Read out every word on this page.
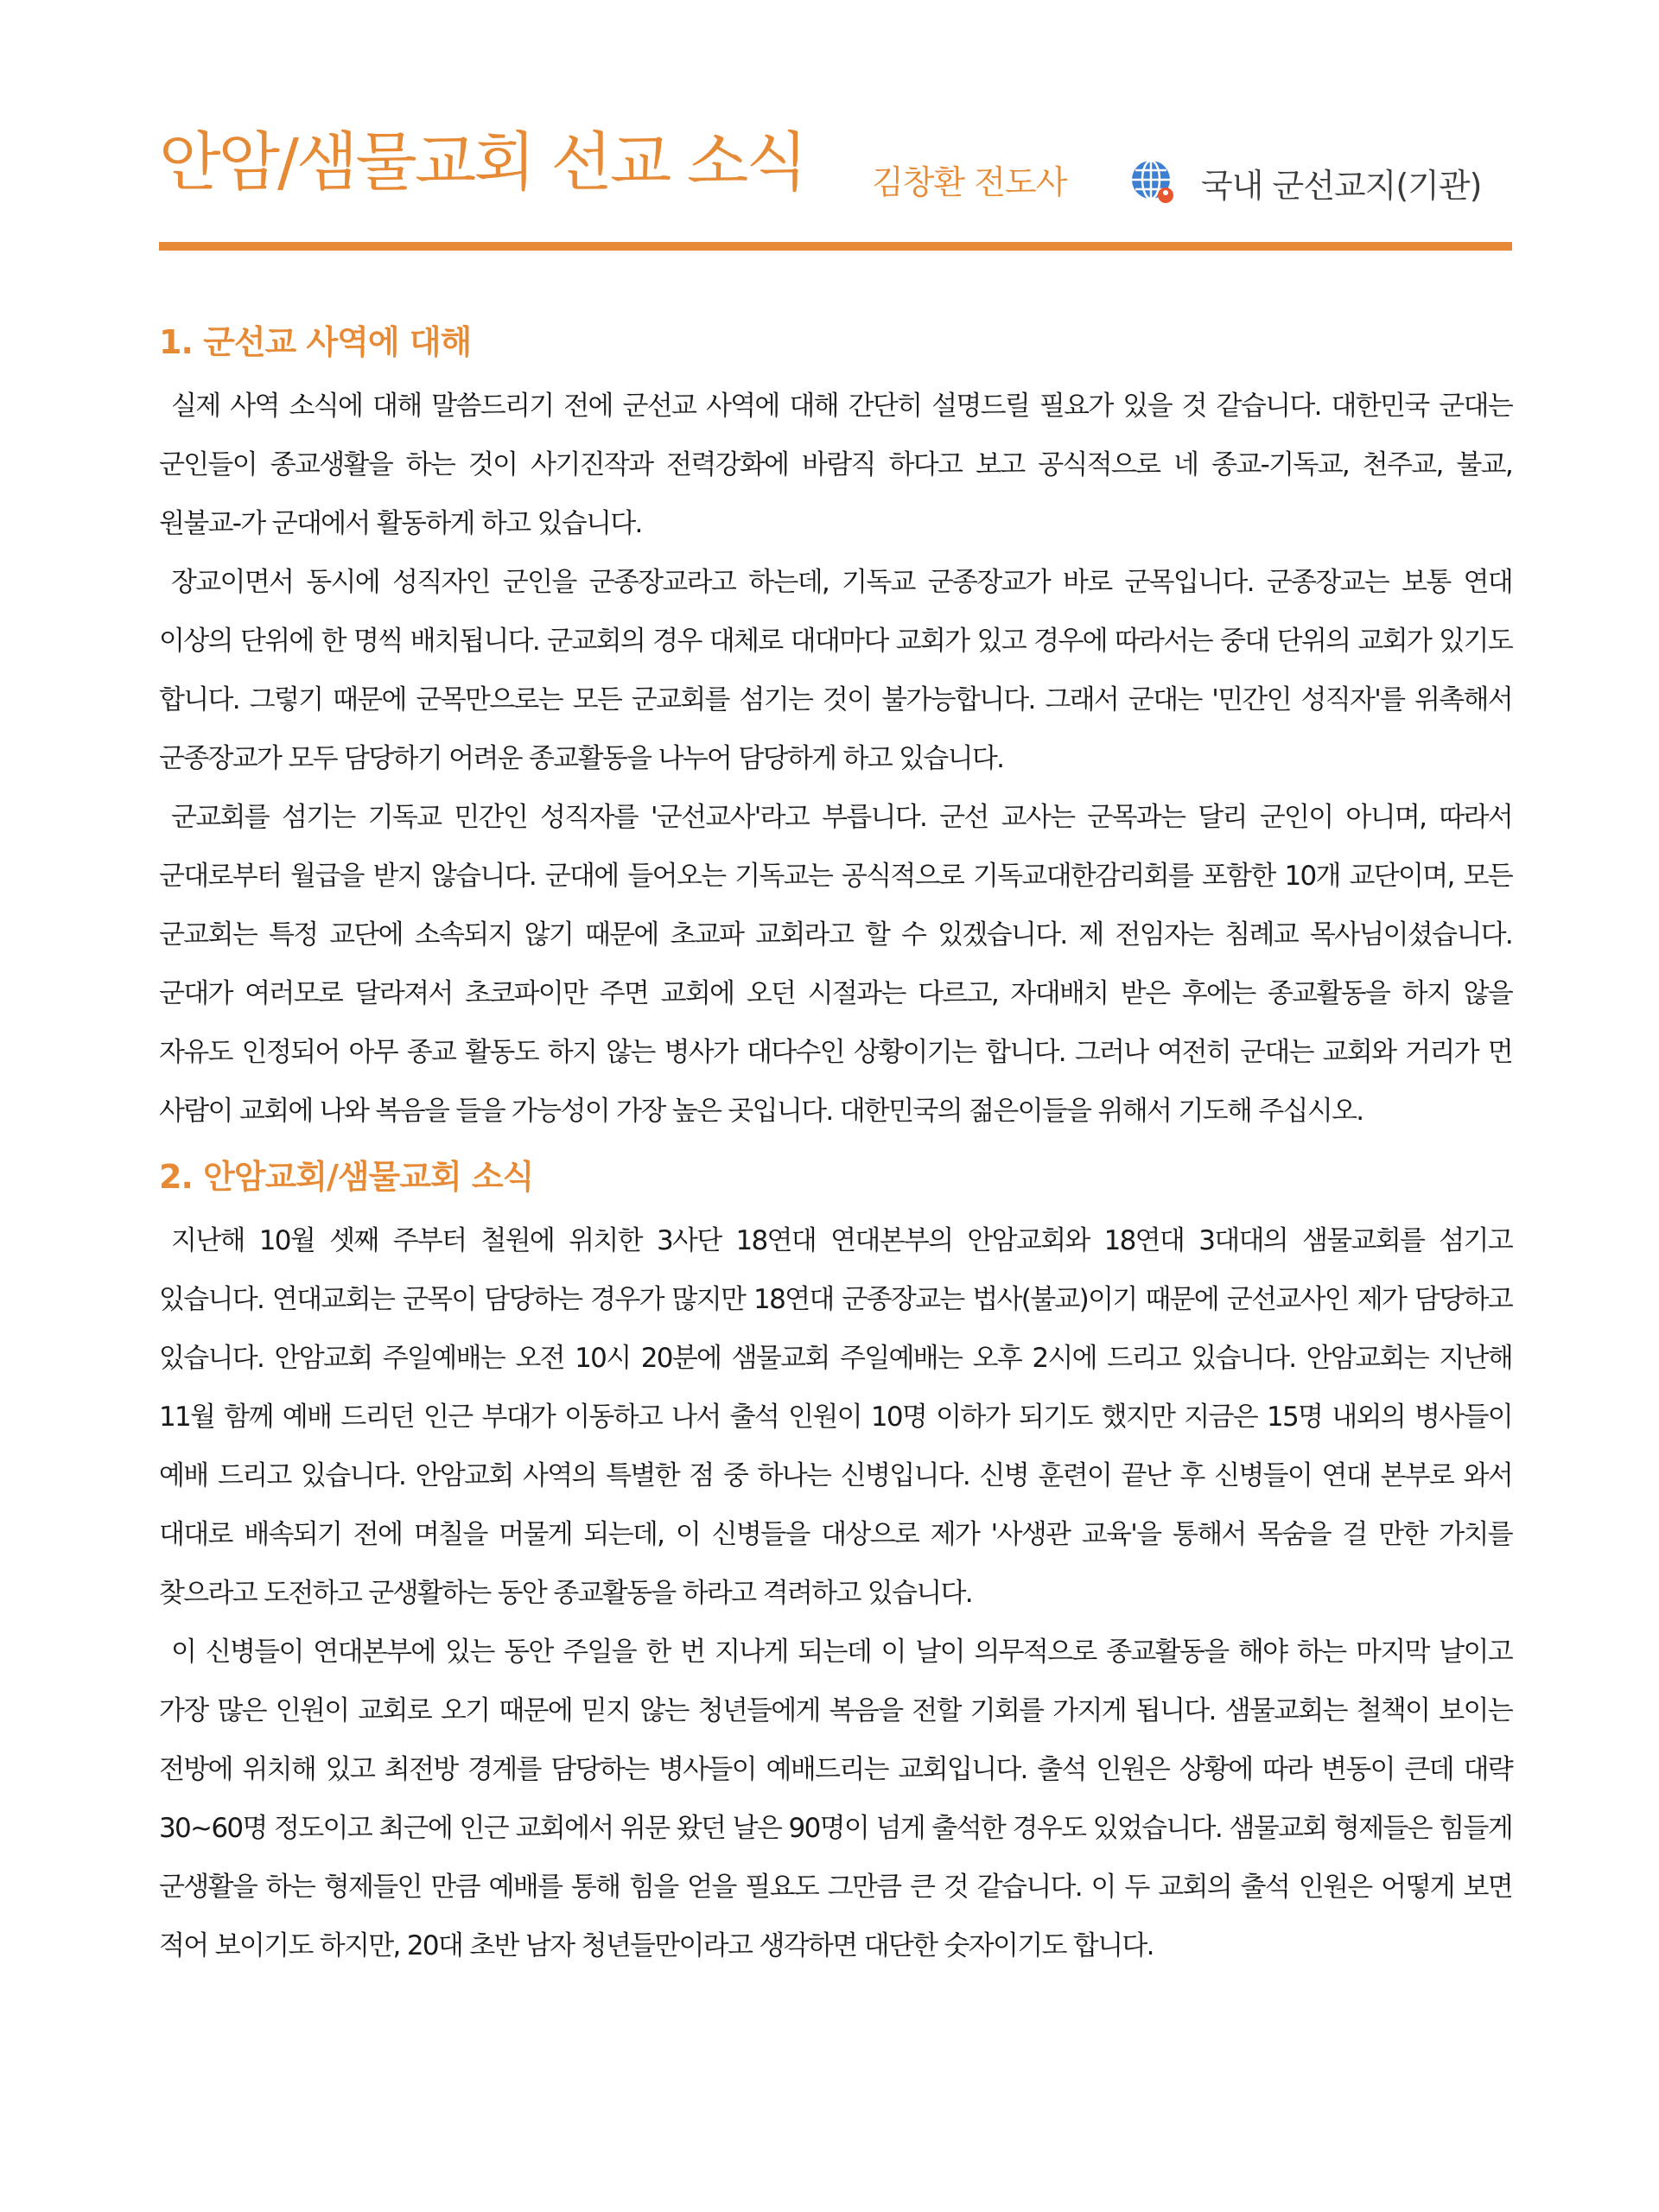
안암/샘물교회 선교 소식 김창환 전도사	국내 군선교지(기관)
1. 군선교 사역에 대해

실제 사역 소식에 대해 말씀드리기 전에 군선교 사역에 대해 간단히 설명드릴 필요가 있을 것 같습니다. 대한민국 군대는 군인들이 종교생활을 하는 것이 사기진작과 전력강화에 바람직 하다고 보고 공식적으로 네 종교-기독교, 천주교, 불교, 원불교-가 군대에서 활동하게 하고 있습니다.

장교이면서 동시에 성직자인 군인을 군종장교라고 하는데, 기독교 군종장교가 바로 군목입니다. 군종장교는 보통 연대 이상의 단위에 한 명씩 배치됩니다. 군교회의 경우 대체로 대대마다 교회가 있고 경우에 따라서는 중대 단위의 교회가 있기도 합니다. 그렇기 때문에 군목만으로는 모든 군교회를 섬기는 것이 불가능합니다. 그래서 군대는 '민간인 성직자'를 위촉해서 군종장교가 모두 담당하기 어려운 종교활동을 나누어 담당하게 하고 있습니다.

군교회를 섬기는 기독교 민간인 성직자를 '군선교사'라고 부릅니다. 군선 교사는 군목과는 달리 군인이 아니며, 따라서 군대로부터 월급을 받지 않습니다. 군대에 들어오는 기독교는 공식적으로 기독교대한감리회를 포함한 10개 교단이며, 모든 군교회는 특정 교단에 소속되지 않기 때문에 초교파 교회라고 할 수 있겠습니다. 제 전임자는 침례교 목사님이셨습니다. 군대가 여러모로 달라져서 초코파이만 주면 교회에 오던 시절과는 다르고, 자대배치 받은 후에는 종교활동을 하지 않을 자유도 인정되어 아무 종교 활동도 하지 않는 병사가 대다수인 상황이기는 합니다. 그러나 여전히 군대는 교회와 거리가 먼 사람이 교회에 나와 복음을 들을 가능성이 가장 높은 곳입니다. 대한민국의 젊은이들을 위해서 기도해 주십시오.

2. 안암교회/샘물교회 소식

지난해 10월 셋째 주부터 철원에 위치한 3사단 18연대 연대본부의 안암교회와 18연대 3대대의 샘물교회를 섬기고 있습니다. 연대교회는 군목이 담당하는 경우가 많지만 18연대 군종장교는 법사(불교)이기 때문에 군선교사인 제가 담당하고 있습니다. 안암교회 주일예배는 오전 10시 20분에 샘물교회 주일예배는 오후 2시에 드리고 있습니다. 안암교회는 지난해 11월 함께 예배 드리던 인근 부대가 이동하고 나서 출석 인원이 10명 이하가 되기도 했지만 지금은 15명 내외의 병사들이 예배 드리고 있습니다. 안암교회 사역의 특별한 점 중 하나는 신병입니다. 신병 훈련이 끝난 후 신병들이 연대 본부로 와서 대대로 배속되기 전에 며칠을 머물게 되는데, 이 신병들을 대상으로 제가 '사생관 교육'을 통해서 목숨을 걸 만한 가치를 찾으라고 도전하고 군생활하는 동안 종교활동을 하라고 격려하고 있습니다.

이 신병들이 연대본부에 있는 동안 주일을 한 번 지나게 되는데 이 날이 의무적으로 종교활동을 해야 하는 마지막 날이고 가장 많은 인원이 교회로 오기 때문에 믿지 않는 청년들에게 복음을 전할 기회를 가지게 됩니다. 샘물교회는 철책이 보이는 전방에 위치해 있고 최전방 경계를 담당하는 병사들이 예배드리는 교회입니다. 출석 인원은 상황에 따라 변동이 큰데 대략 30~60명 정도이고 최근에 인근 교회에서 위문 왔던 날은 90명이 넘게 출석한 경우도 있었습니다. 샘물교회 형제들은 힘들게 군생활을 하는 형제들인 만큼 예배를 통해 힘을 얻을 필요도 그만큼 큰 것 같습니다. 이 두 교회의 출석 인원은 어떻게 보면 적어 보이기도 하지만, 20대 초반 남자 청년들만이라고 생각하면 대단한 숫자이기도 합니다.
